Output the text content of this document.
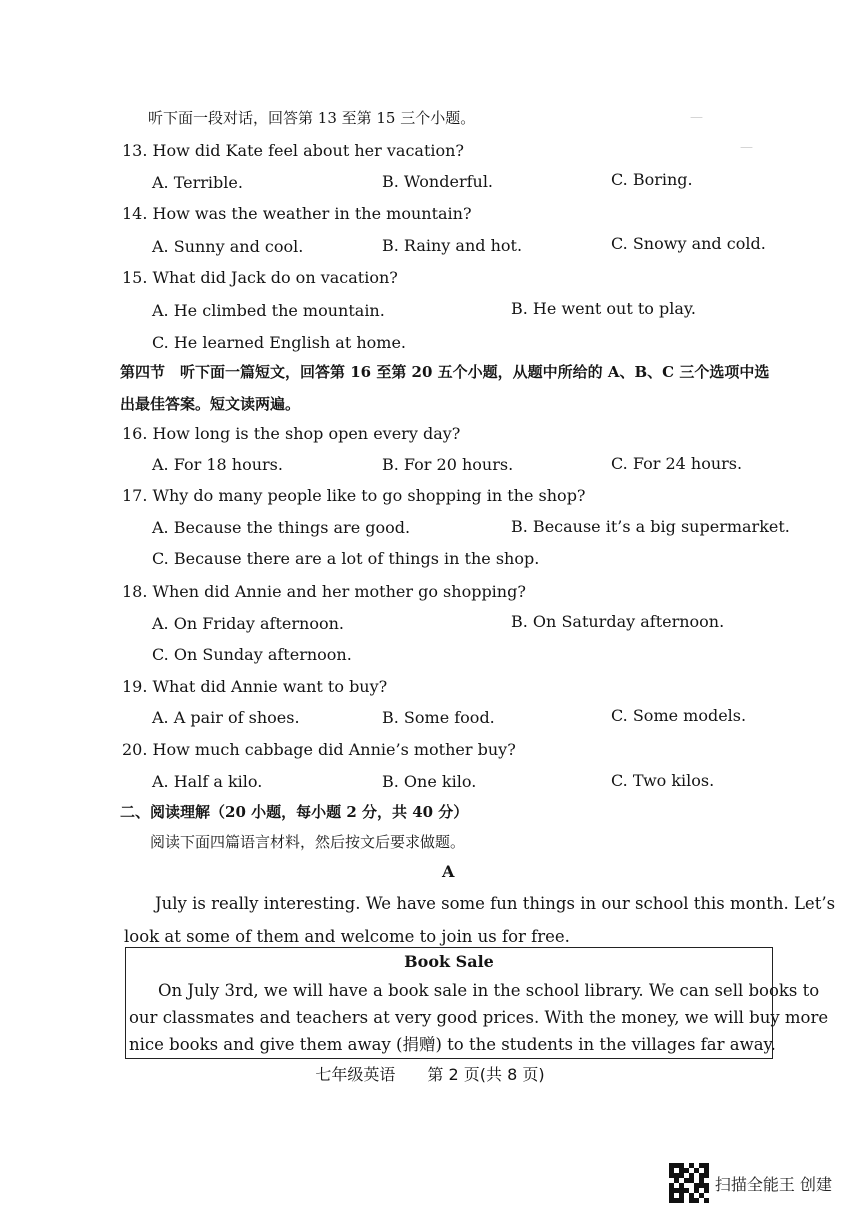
—
—
听下面一段对话，回答第 13 至第 15 三个小题。
13. How did Kate feel about her vacation?
A. Terrible.	B. Wonderful.	C. Boring.
14. How was the weather in the mountain?
A. Sunny and cool.	B. Rainy and hot.	C. Snowy and cold.
15. What did Jack do on vacation?
A. He climbed the mountain.	B. He went out to play.
C. He learned English at home.
第四节　听下面一篇短文，回答第 16 至第 20 五个小题，从题中所给的 A、B、C 三个选项中选
出最佳答案。短文读两遍。
16. How long is the shop open every day?
A. For 18 hours.	B. For 20 hours.	C. For 24 hours.
17. Why do many people like to go shopping in the shop?
A. Because the things are good.	B. Because it’s a big supermarket.
C. Because there are a lot of things in the shop.
18. When did Annie and her mother go shopping?
A. On Friday afternoon.	B. On Saturday afternoon.
C. On Sunday afternoon.
19. What did Annie want to buy?
A. A pair of shoes.	B. Some food.	C. Some models.
20. How much cabbage did Annie’s mother buy?
A. Half a kilo.	B. One kilo.	C. Two kilos.
二、阅读理解（20 小题，每小题 2 分，共 40 分）
阅读下面四篇语言材料，然后按文后要求做题。
A
July is really interesting. We have some fun things in our school this month. Let’s
look at some of them and welcome to join us for free.
Book Sale
On July 3rd, we will have a book sale in the school library. We can sell books to
our classmates and teachers at very good prices. With the money, we will buy more
nice books and give them away (捐赠) to the students in the villages far away.
七年级英语　　第 2 页(共 8 页)
扫描全能王 创建
